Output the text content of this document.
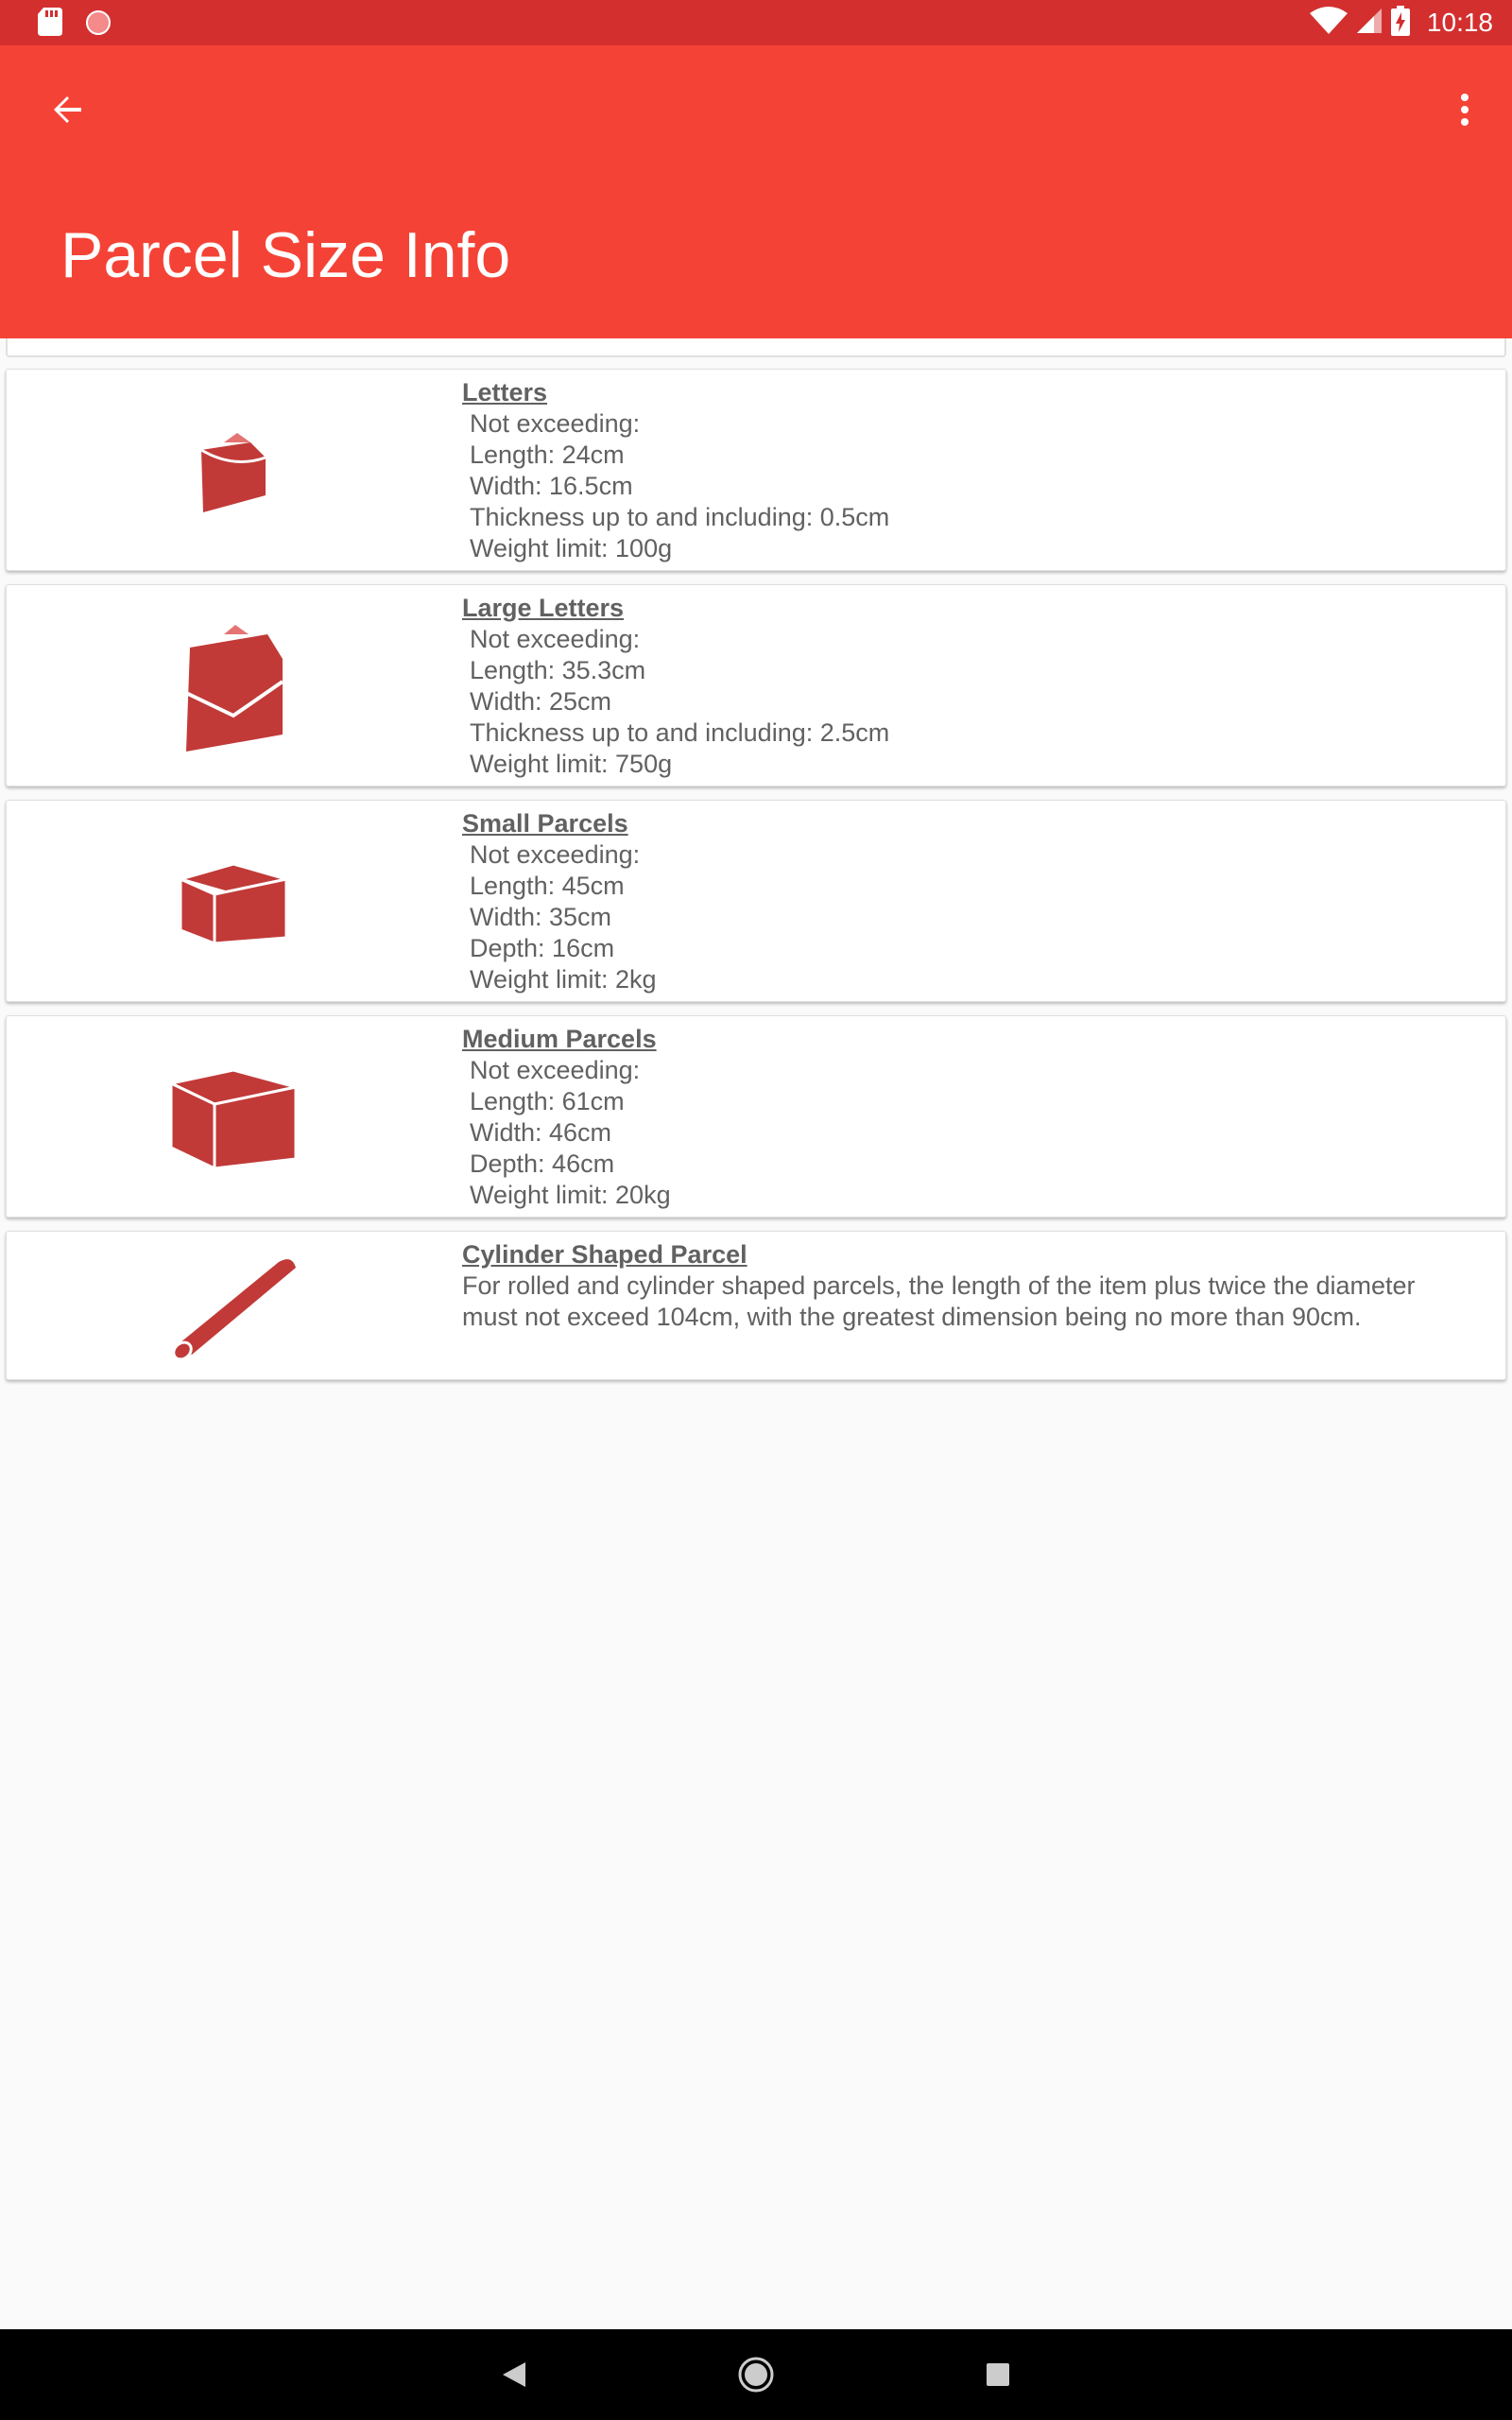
10:18
Parcel Size Info
Letters
Not exceeding:
Length: 24cm
Width: 16.5cm
Thickness up to and including: 0.5cm
Weight limit: 100g
Large Letters
Not exceeding:
Length: 35.3cm
Width: 25cm
Thickness up to and including: 2.5cm
Weight limit: 750g
Small Parcels
Not exceeding:
Length: 45cm
Width: 35cm
Depth: 16cm
Weight limit: 2kg
Medium Parcels
Not exceeding:
Length: 61cm
Width: 46cm
Depth: 46cm
Weight limit: 20kg
Cylinder Shaped Parcel
For rolled and cylinder shaped parcels, the length of the item plus twice the diameter must not exceed 104cm, with the greatest dimension being no more than 90cm.
